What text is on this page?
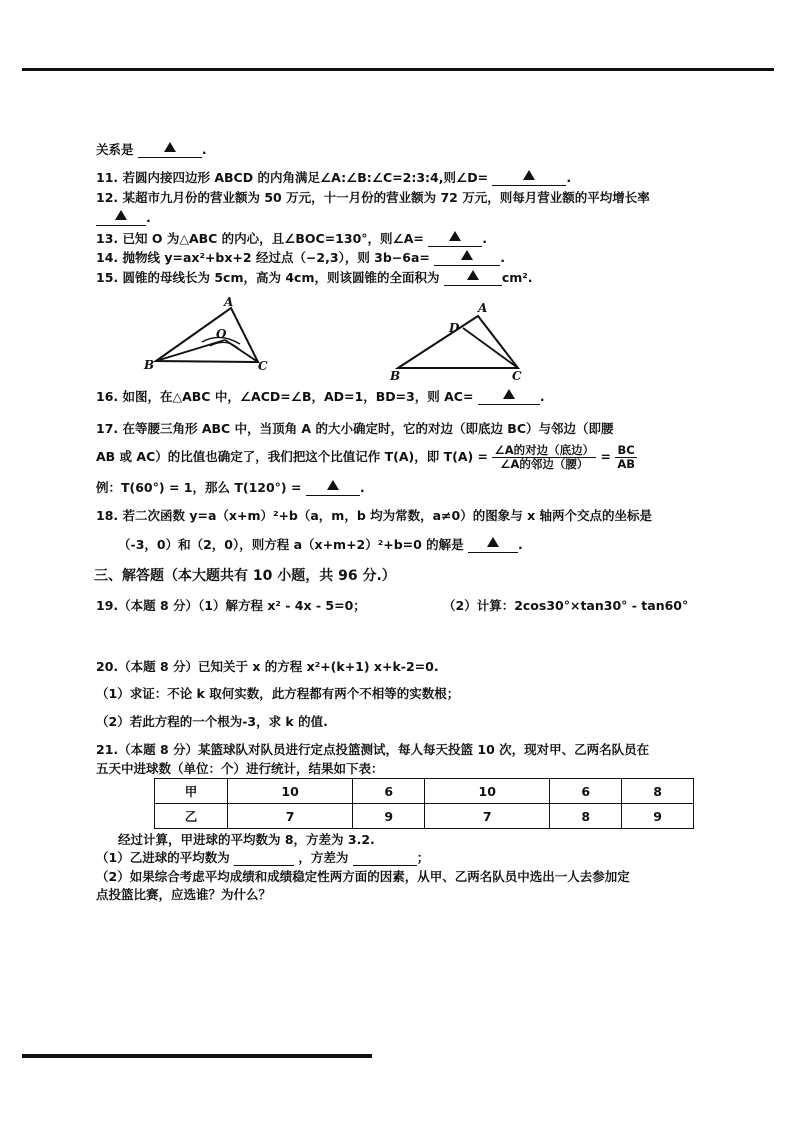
关系是	.
11. 若圆内接四边形 ABCD 的内角满足∠A:∠B:∠C=2:3:4,则∠D=	.
12. 某超市九月份的营业额为 50 万元，十一月份的营业额为 72 万元，则每月营业额的平均增长率
.
13. 已知 O 为△ABC 的内心，且∠BOC=130°，则∠A=	.
14. 抛物线 y=ax²+bx+2 经过点（−2,3），则 3b−6a=	.
15. 圆锥的母线长为 5cm，高为 4cm，则该圆锥的全面积为	cm².
A
B	C
O
A
D
B	C
16. 如图，在△ABC 中，∠ACD=∠B，AD=1，BD=3，则 AC=	.
17. 在等腰三角形 ABC 中，当顶角 A 的大小确定时，它的对边（即底边 BC）与邻边（即腰
AB 或 AC）的比值也确定了，我们把这个比值记作 T(A)，即 $T(A) = \frac{\text{∠A的对边（底边）}}{\text{∠A的邻边（腰）}} = \frac{BC}{AB}$
例：T(60°) = 1，那么 T(120°) =	.
18. 若二次函数 y=a（x+m）²+b（a，m，b 均为常数，a≠0）的图象与 x 轴两个交点的坐标是
（-3，0）和（2，0），则方程 a（x+m+2）²+b=0 的解是	.
三、解答题（本大题共有 10 小题，共 96 分.）
19.（本题 8 分）（1）解方程 x² - 4x - 5=0；	（2）计算：2cos30°×tan30° - tan60°
20.（本题 8 分）已知关于 x 的方程 x²+(k+1) x+k-2=0.
（1）求证：不论 k 取何实数，此方程都有两个不相等的实数根；
（2）若此方程的一个根为-3，求 k 的值.
21.（本题 8 分）某篮球队对队员进行定点投篮测试，每人每天投篮 10 次，现对甲、乙两名队员在
五天中进球数（单位：个）进行统计，结果如下表：
甲	10	6	10	6	8
乙	7	9	7	8	9
经过计算，甲进球的平均数为 8，方差为 3.2.
（1）乙进球的平均数为	，方差为	；
（2）如果综合考虑平均成绩和成绩稳定性两方面的因素，从甲、乙两名队员中选出一人去参加定
点投篮比赛，应选谁？为什么？
